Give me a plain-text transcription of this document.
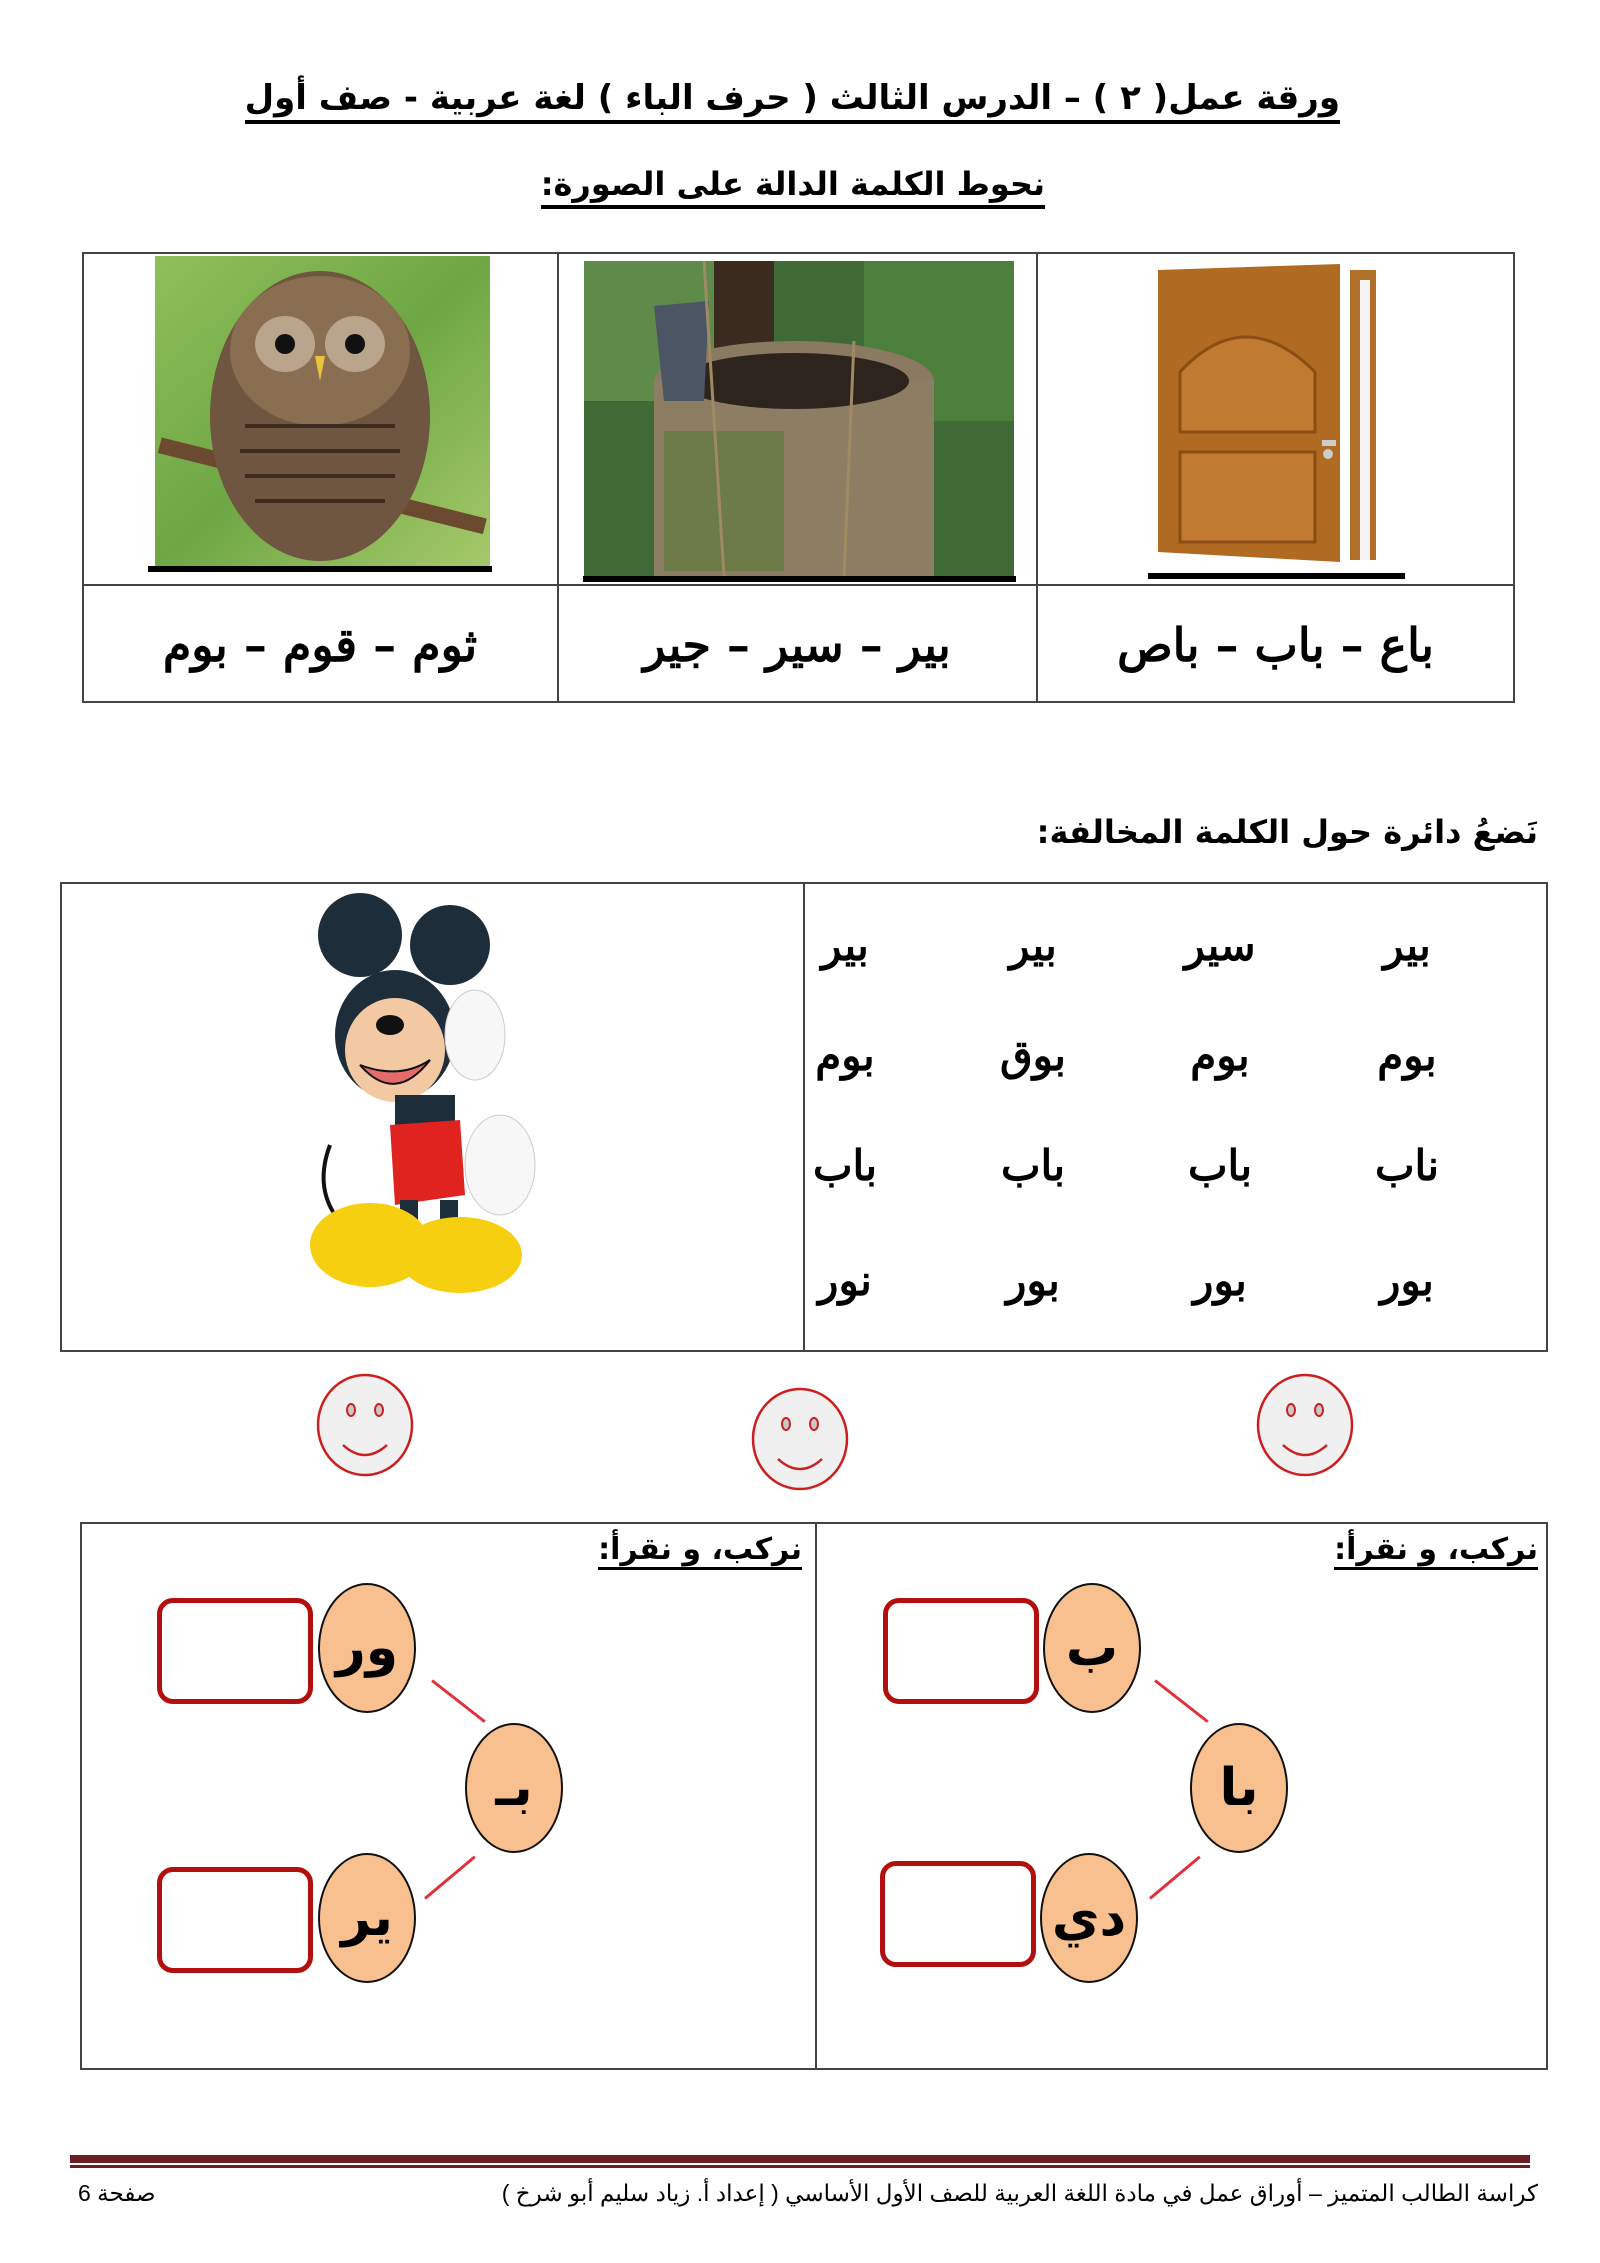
ورقة عمل( ٢ ) – الدرس الثالث ( حرف الباء ) لغة عربية - صف أول
نحوط الكلمة الدالة على الصورة:
ثوم – قوم – بوم	بير – سير – جير	باع – باب – باص
نَضعُ دائرة حول الكلمة المخالفة:
بير
سير
بير
بير
بوم
بوم
بوق
بوم
ناب
باب
باب
باب
بور
بور
بور
نور
نركب، و نقرأ:
ب
با
دي
نركب، و نقرأ:
ور
بـ
ير
كراسة الطالب المتميز – أوراق عمل في مادة اللغة العربية للصف الأول الأساسي ( إعداد أ. زياد سليم أبو شرخ )
صفحة 6
